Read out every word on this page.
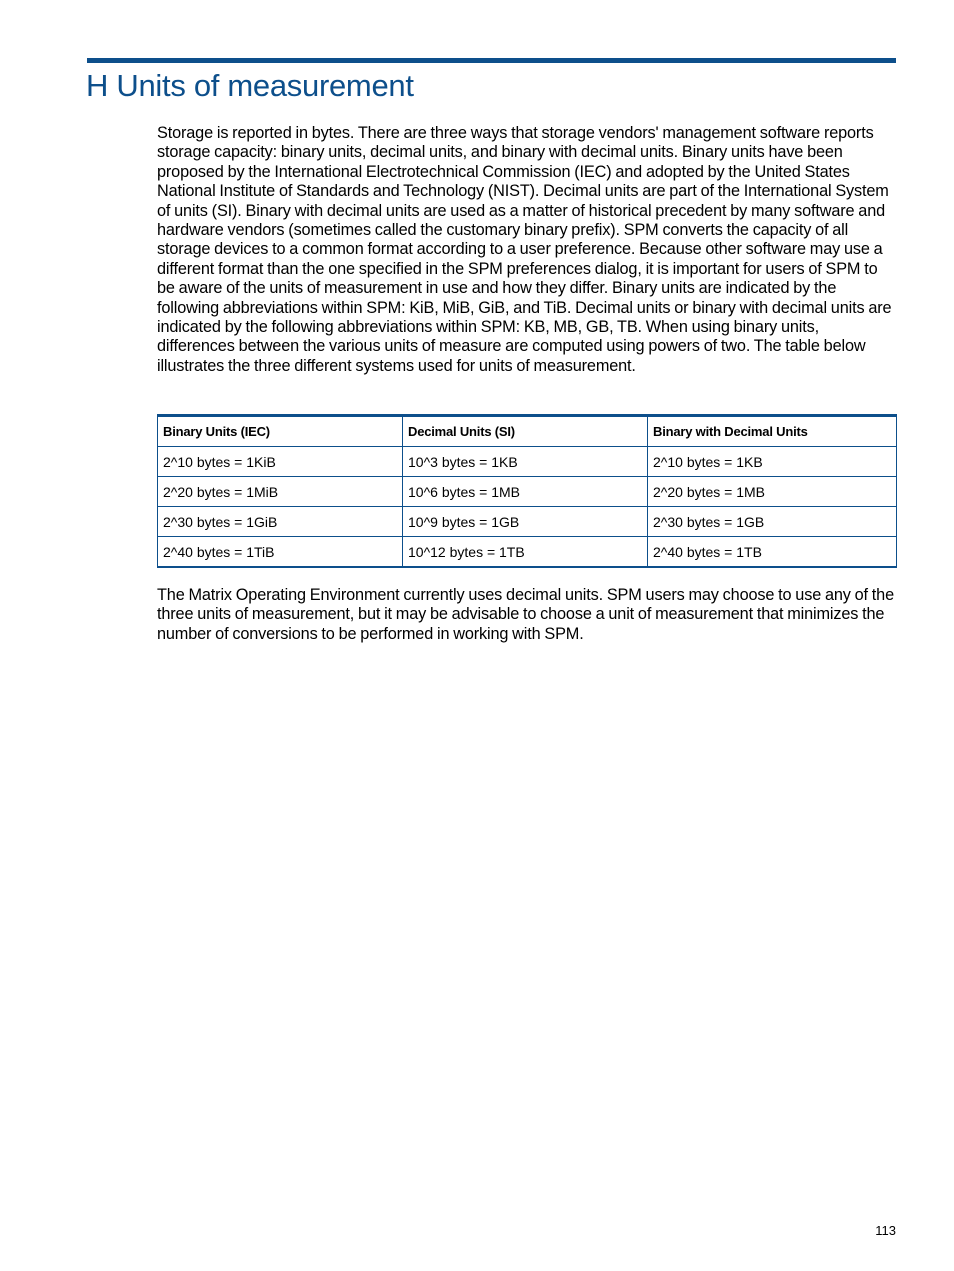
H Units of measurement

Storage is reported in bytes. There are three ways that storage vendors' management software reports storage capacity: binary units, decimal units, and binary with decimal units. Binary units have been proposed by the International Electrotechnical Commission (IEC) and adopted by the United States National Institute of Standards and Technology (NIST). Decimal units are part of the International System of units (SI). Binary with decimal units are used as a matter of historical precedent by many software and hardware vendors (sometimes called the customary binary prefix). SPM converts the capacity of all storage devices to a common format according to a user preference. Because other software may use a different format than the one specified in the SPM preferences dialog, it is important for users of SPM to be aware of the units of measurement in use and how they differ. Binary units are indicated by the following abbreviations within SPM: KiB, MiB, GiB, and TiB. Decimal units or binary with decimal units are indicated by the following abbreviations within SPM: KB, MB, GB, TB. When using binary units, differences between the various units of measure are computed using powers of two. The table below illustrates the three different systems used for units of measurement.

Binary Units (IEC)	Decimal Units (SI)	Binary with Decimal Units
2^10 bytes = 1KiB	10^3 bytes = 1KB	2^10 bytes = 1KB
2^20 bytes = 1MiB	10^6 bytes = 1MB	2^20 bytes = 1MB
2^30 bytes = 1GiB	10^9 bytes = 1GB	2^30 bytes = 1GB
2^40 bytes = 1TiB	10^12 bytes = 1TB	2^40 bytes = 1TB

The Matrix Operating Environment currently uses decimal units. SPM users may choose to use any of the three units of measurement, but it may be advisable to choose a unit of measurement that minimizes the number of conversions to be performed in working with SPM.

113
